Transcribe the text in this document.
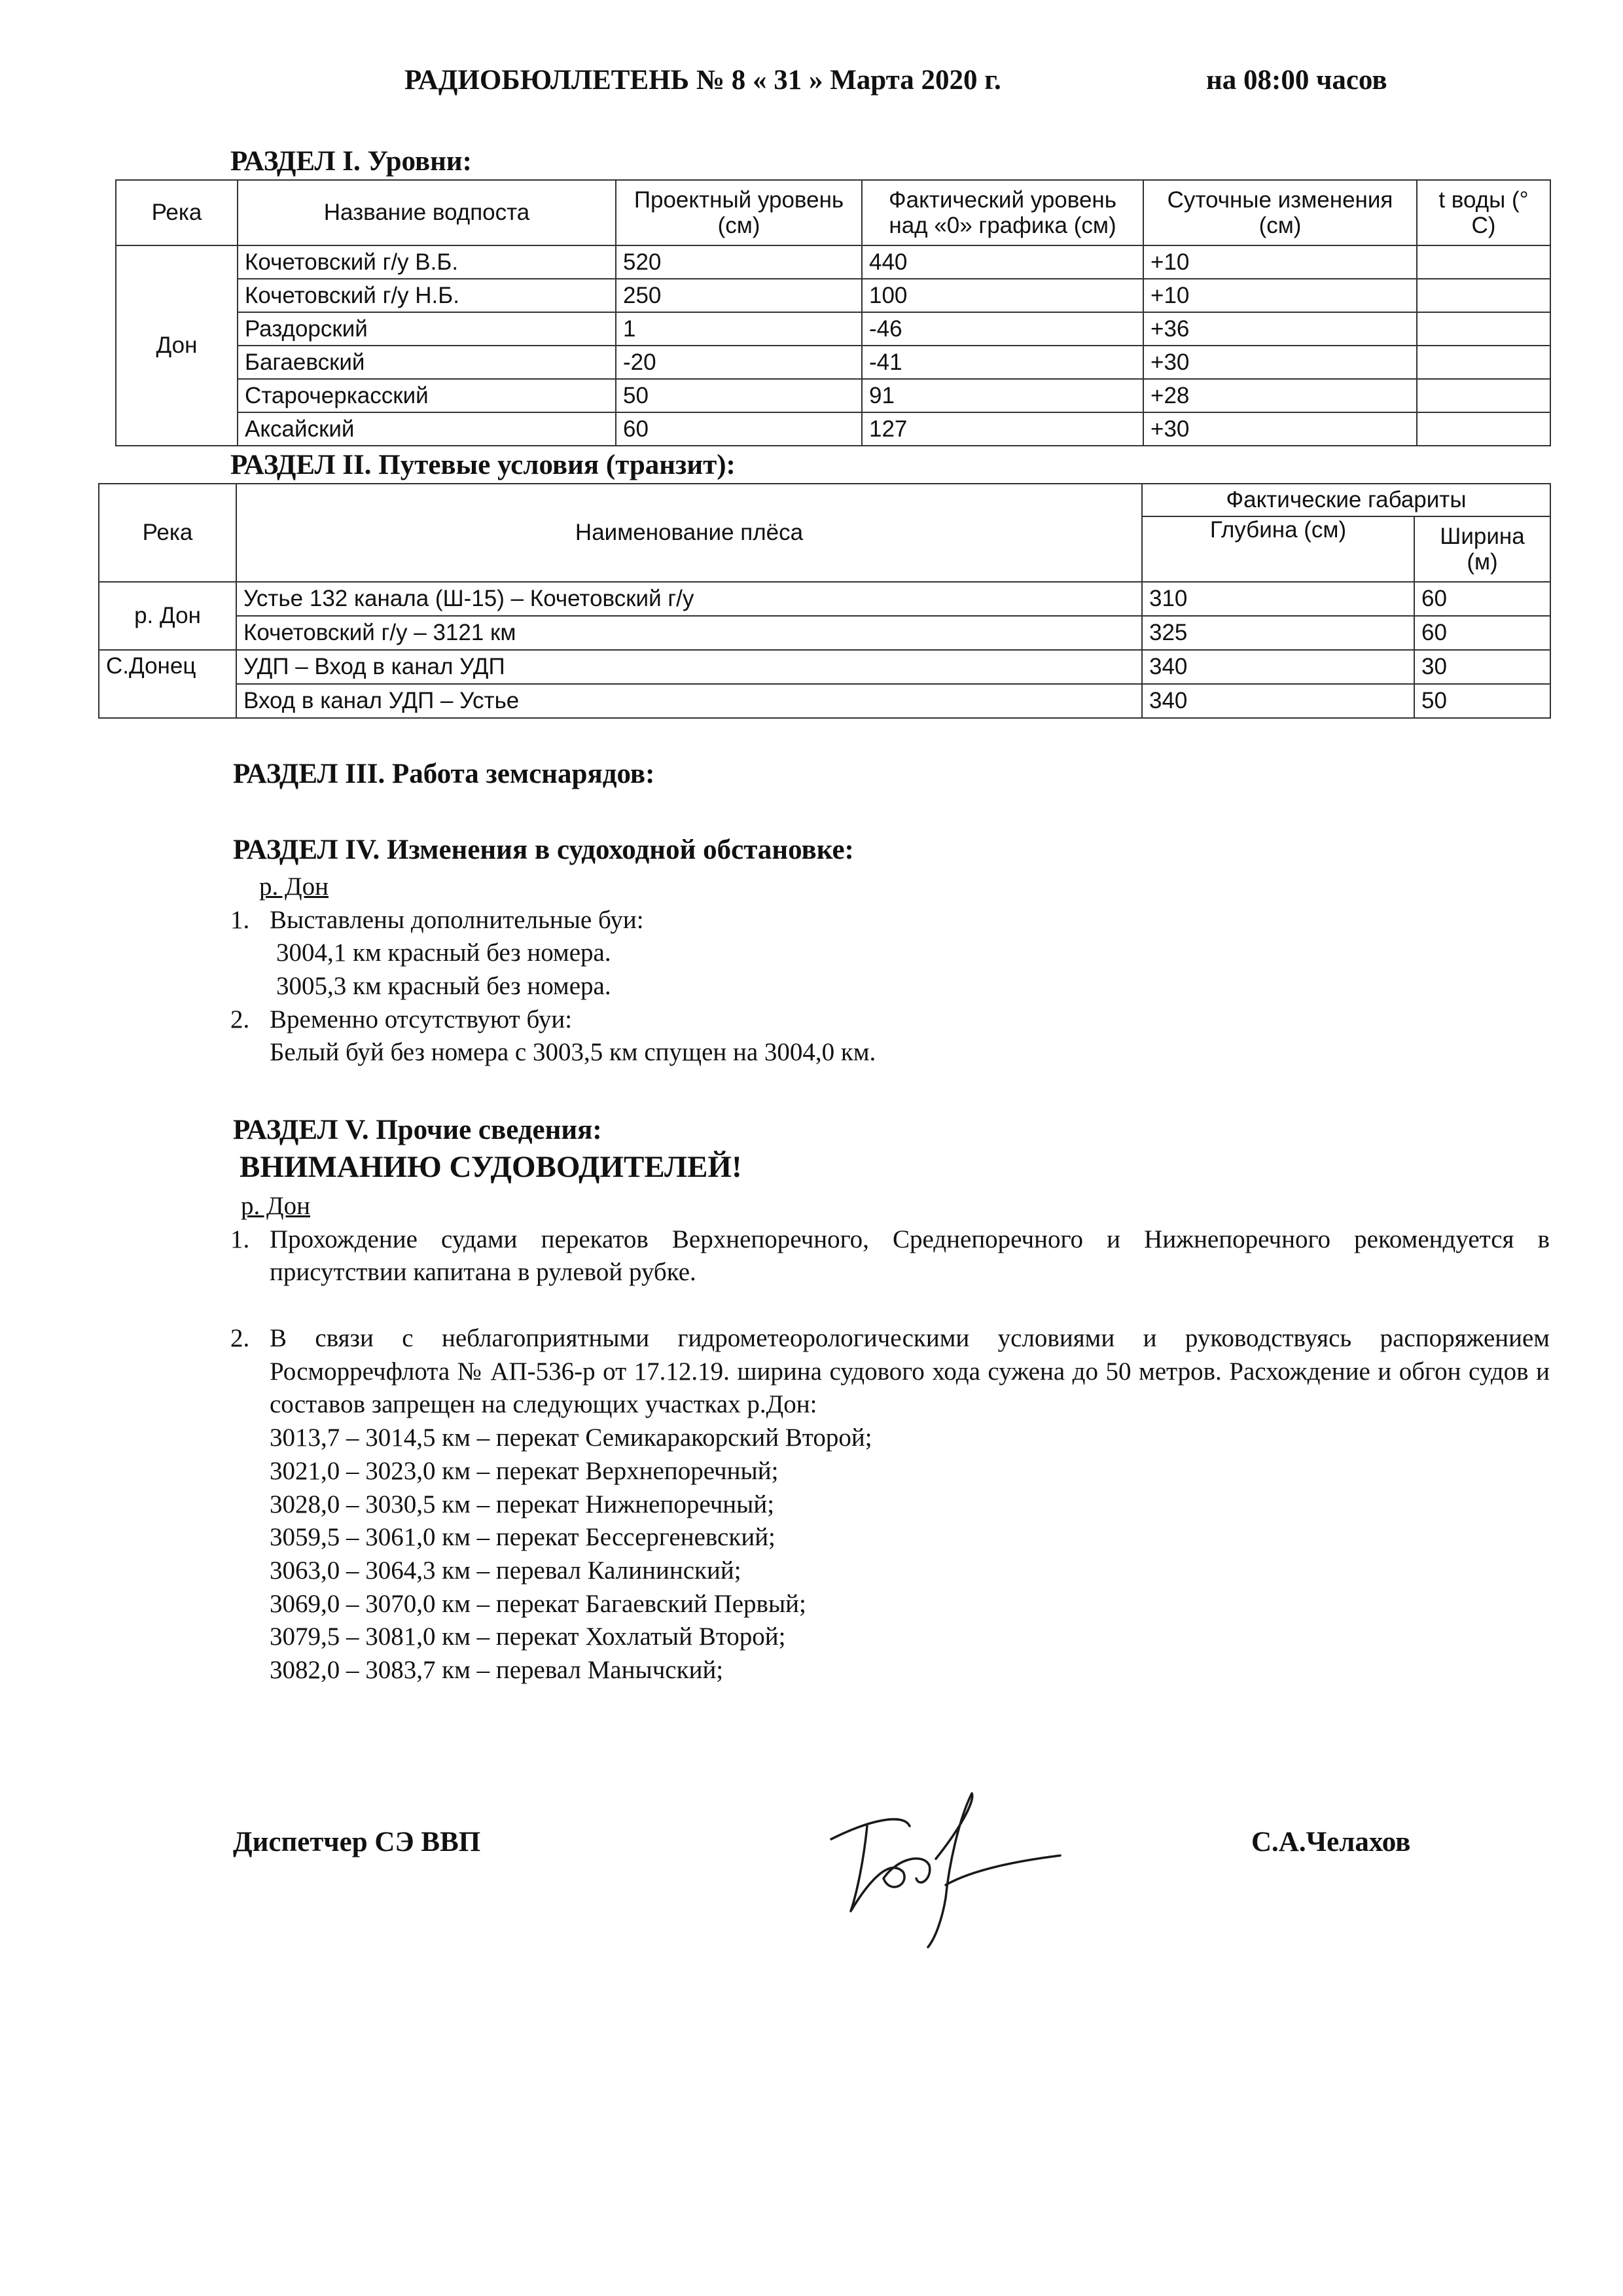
РАДИОБЮЛЛЕТЕНЬ № 8 « 31 » Марта 2020 г.	на 08:00 часов
РАЗДЕЛ I. Уровни:
Река	Название водпоста	Проектный уровень (см)	Фактический уровень над «0» графика (см)	Суточные изменения (см)	t воды (° С)
Дон	Кочетовский г/у В.Б.	520	440	+10	
	Кочетовский г/у Н.Б.	250	100	+10	
	Раздорский	1	-46	+36	
	Багаевский	-20	-41	+30	
	Старочеркасский	50	91	+28	
	Аксайский	60	127	+30	
РАЗДЕЛ II. Путевые условия (транзит):
Река	Наименование плёса	Фактические габариты	
		Глубина (см)	Ширина (м)
р. Дон	Устье 132 канала (Ш-15) – Кочетовский г/у	310	60
	Кочетовский г/у – 3121 км	325	60
С.Донец	УДП – Вход в канал УДП	340	30
	Вход в канал УДП – Устье	340	50
РАЗДЕЛ III. Работа земснарядов:
РАЗДЕЛ IV. Изменения в судоходной обстановке:
р. Дон
1. Выставлены дополнительные буи:
3004,1 км красный без номера.
3005,3 км красный без номера.
2. Временно отсутствуют буи:
Белый буй без номера с 3003,5 км спущен на 3004,0 км.
РАЗДЕЛ V. Прочие сведения:
ВНИМАНИЮ СУДОВОДИТЕЛЕЙ!
р. Дон
1. Прохождение судами перекатов Верхнепоречного, Среднепоречного и Нижнепоречного рекомендуется в присутствии капитана в рулевой рубке.
2. В связи с неблагоприятными гидрометеорологическими условиями и руководствуясь распоряжением Росморречфлота № АП-536-р от 17.12.19. ширина судового хода сужена до 50 метров. Расхождение и обгон судов и составов запрещен на следующих участках р.Дон:
3013,7 – 3014,5 км – перекат Семикаракорский Второй;
3021,0 – 3023,0 км – перекат Верхнепоречный;
3028,0 – 3030,5 км – перекат Нижнепоречный;
3059,5 – 3061,0 км – перекат Бессергеневский;
3063,0 – 3064,3 км – перевал Калининский;
3069,0 – 3070,0 км – перекат Багаевский Первый;
3079,5 – 3081,0 км – перекат Хохлатый Второй;
3082,0 – 3083,7 км – перевал Манычский;
Диспетчер СЭ ВВП	С.А.Челахов
